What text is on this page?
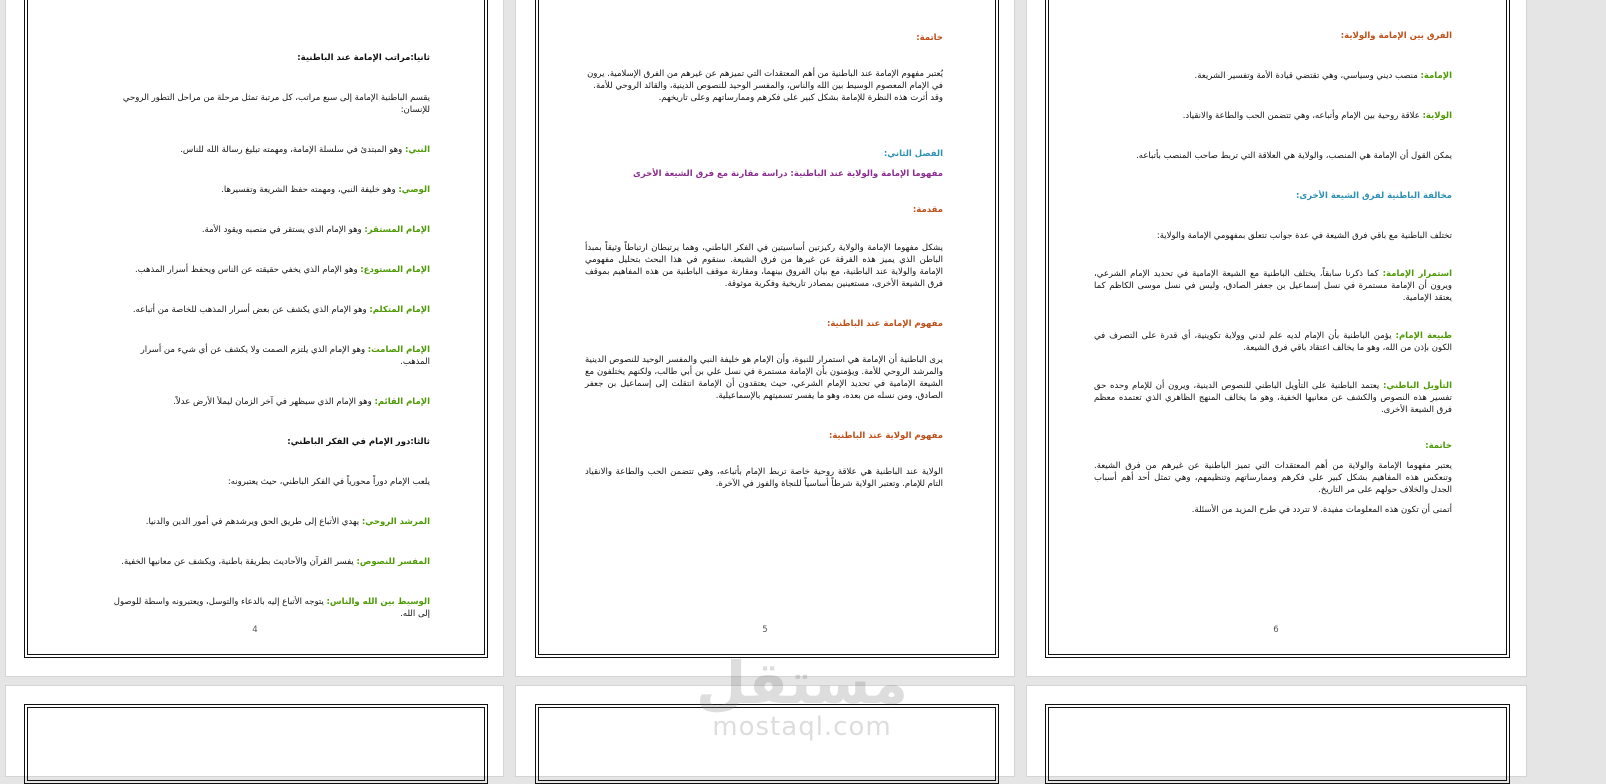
ثانيا:مراتب الإمامة عند الباطنية:

يقسم الباطنية الإمامة إلى سبع مراتب، كل مرتبة تمثل مرحلة من مراحل التطور الروحي للإنسان:

النبي: وهو المبتدئ في سلسلة الإمامة، ومهمته تبليغ رسالة الله للناس.

الوصي: وهو خليفة النبي، ومهمته حفظ الشريعة وتفسيرها.

الإمام المستقر: وهو الإمام الذي يستقر في منصبه ويقود الأمة.

الإمام المستودع: وهو الإمام الذي يخفي حقيقته عن الناس ويحفظ أسرار المذهب.

الإمام المتكلم: وهو الإمام الذي يكشف عن بعض أسرار المذهب للخاصة من أتباعه.

الإمام الصامت: وهو الإمام الذي يلتزم الصمت ولا يكشف عن أي شيء من أسرار المذهب.

الإمام القائم: وهو الإمام الذي سيظهر في آخر الزمان ليملأ الأرض عدلاً.

ثالثا:دور الإمام في الفكر الباطني:

يلعب الإمام دوراً محورياً في الفكر الباطني، حيث يعتبرونه:

المرشد الروحي: يهدي الأتباع إلى طريق الحق ويرشدهم في أمور الدين والدنيا.

المفسر للنصوص: يفسر القرآن والأحاديث بطريقة باطنية، ويكشف عن معانيها الخفية.

الوسيط بين الله والناس: يتوجه الأتباع إليه بالدعاء والتوسل، ويعتبرونه واسطة للوصول إلى الله.

4

خاتمة:

يُعتبر مفهوم الإمامة عند الباطنية من أهم المعتقدات التي تميزهم عن غيرهم من الفرق الإسلامية. يرون في الإمام المعصوم الوسيط بين الله والناس، والمفسر الوحيد للنصوص الدينية، والقائد الروحي للأمة. وقد أثرت هذه النظرة للإمامة بشكل كبير على فكرهم وممارساتهم وعلى تاريخهم.

الفصل الثاني:

مفهوما الإمامة والولاية عند الباطنية: دراسة مقارنة مع فرق الشيعة الأخرى

مقدمة:

يشكل مفهوما الإمامة والولاية ركيزتين أساسيتين في الفكر الباطني، وهما يرتبطان ارتباطاً وثيقاً بمبدأ الباطن الذي يميز هذه الفرقة عن غيرها من فرق الشيعة. سنقوم في هذا البحث بتحليل مفهومي الإمامة والولاية عند الباطنية، مع بيان الفروق بينهما، ومقارنة موقف الباطنية من هذه المفاهيم بموقف فرق الشيعة الأخرى، مستعينين بمصادر تاريخية وفكرية موثوقة.

مفهوم الإمامة عند الباطنية:

يرى الباطنية أن الإمامة هي استمرار للنبوة، وأن الإمام هو خليفة النبي والمفسر الوحيد للنصوص الدينية والمرشد الروحي للأمة. ويؤمنون بأن الإمامة مستمرة في نسل علي بن أبي طالب، ولكنهم يختلفون مع الشيعة الإمامية في تحديد الإمام الشرعي، حيث يعتقدون أن الإمامة انتقلت إلى إسماعيل بن جعفر الصادق، ومن نسله من بعده، وهو ما يفسر تسميتهم بالإسماعيلية.

مفهوم الولاية عند الباطنية:

الولاية عند الباطنية هي علاقة روحية خاصة تربط الإمام بأتباعه، وهي تتضمن الحب والطاعة والانقياد التام للإمام. وتعتبر الولاية شرطاً أساسياً للنجاة والفوز في الآخرة.

5

الفرق بين الإمامة والولاية:

الإمامة: منصب ديني وسياسي، وهي تقتضي قيادة الأمة وتفسير الشريعة.

الولاية: علاقة روحية بين الإمام وأتباعه، وهي تتضمن الحب والطاعة والانقياد.

يمكن القول أن الإمامة هي المنصب، والولاية هي العلاقة التي تربط صاحب المنصب بأتباعه.

مخالفة الباطنية لفرق الشيعة الأخرى:

تختلف الباطنية مع باقي فرق الشيعة في عدة جوانب تتعلق بمفهومي الإمامة والولاية:

استمرار الإمامة: كما ذكرنا سابقاً، يختلف الباطنية مع الشيعة الإمامية في تحديد الإمام الشرعي، ويرون أن الإمامة مستمرة في نسل إسماعيل بن جعفر الصادق، وليس في نسل موسى الكاظم كما يعتقد الإمامية.

طبيعة الإمام: يؤمن الباطنية بأن الإمام لديه علم لدني وولاية تكوينية، أي قدرة على التصرف في الكون بإذن من الله، وهو ما يخالف اعتقاد باقي فرق الشيعة.

التأويل الباطني: يعتمد الباطنية على التأويل الباطني للنصوص الدينية، ويرون أن للإمام وحده حق تفسير هذه النصوص والكشف عن معانيها الخفية، وهو ما يخالف المنهج الظاهري الذي تعتمده معظم فرق الشيعة الأخرى.

خاتمة:

يعتبر مفهوما الإمامة والولاية من أهم المعتقدات التي تميز الباطنية عن غيرهم من فرق الشيعة. وتنعكس هذه المفاهيم بشكل كبير على فكرهم وممارساتهم وتنظيمهم، وهي تمثل أحد أهم أسباب الجدل والخلاف حولهم على مر التاريخ.

أتمنى أن تكون هذه المعلومات مفيدة. لا تتردد في طرح المزيد من الأسئلة.

6
مستقل
mostaql.com
